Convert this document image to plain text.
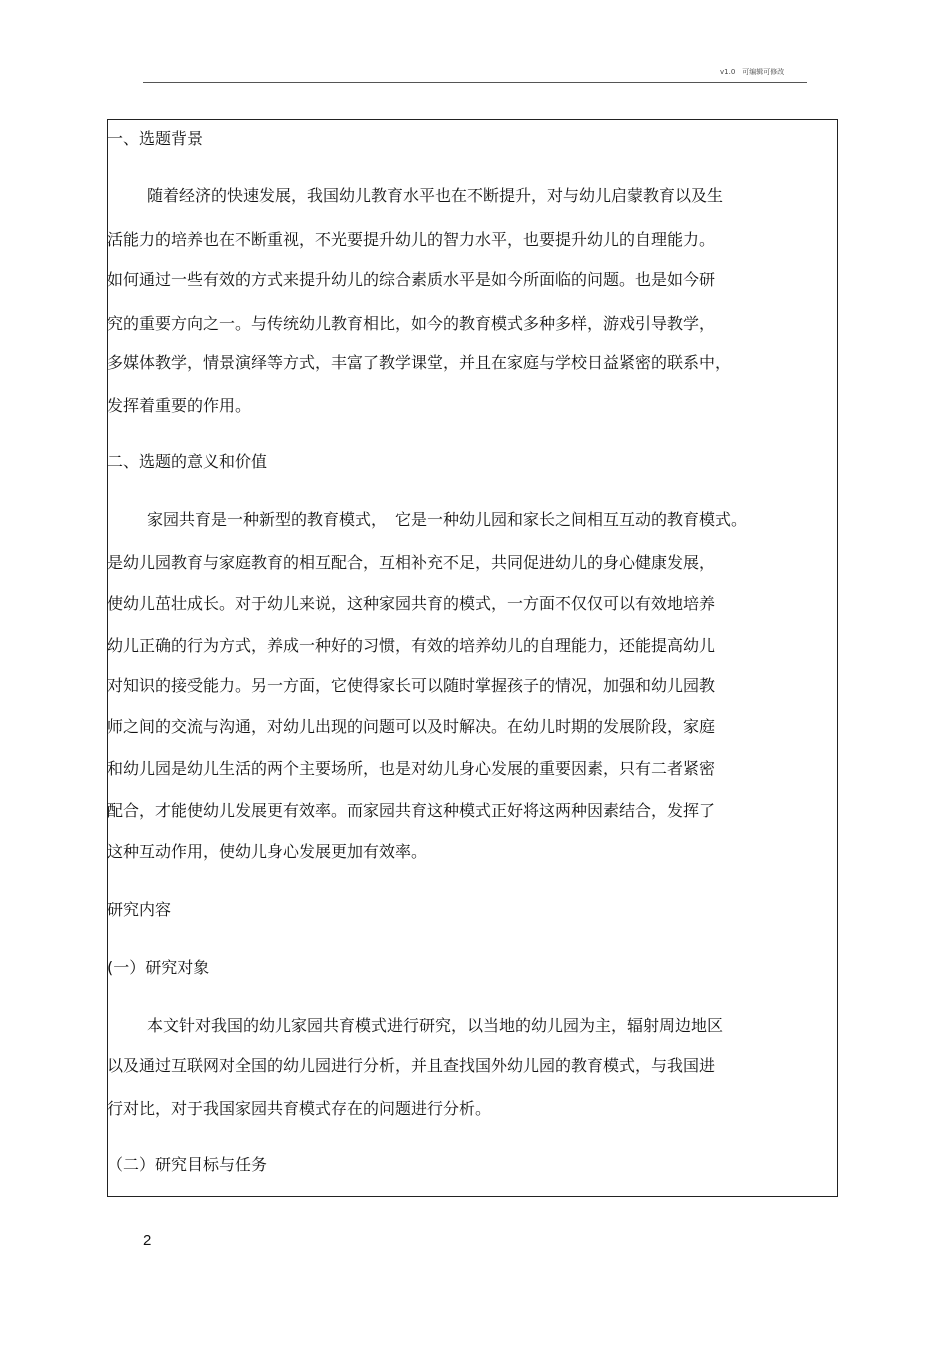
v1.0　可编辑可修改
一、选题背景
随着经济的快速发展，我国幼儿教育水平也在不断提升，对与幼儿启蒙教育以及生
活能力的培养也在不断重视，不光要提升幼儿的智力水平，也要提升幼儿的自理能力。
如何通过一些有效的方式来提升幼儿的综合素质水平是如今所面临的问题。也是如今研
究的重要方向之一。与传统幼儿教育相比，如今的教育模式多种多样，游戏引导教学，
多媒体教学，情景演绎等方式，丰富了教学课堂，并且在家庭与学校日益紧密的联系中，
发挥着重要的作用。
二、选题的意义和价值
家园共育是一种新型的教育模式，　它是一种幼儿园和家长之间相互互动的教育模式。
是幼儿园教育与家庭教育的相互配合，互相补充不足，共同促进幼儿的身心健康发展，
使幼儿茁壮成长。对于幼儿来说，这种家园共育的模式，一方面不仅仅可以有效地培养
幼儿正确的行为方式，养成一种好的习惯，有效的培养幼儿的自理能力，还能提高幼儿
对知识的接受能力。另一方面，它使得家长可以随时掌握孩子的情况，加强和幼儿园教
师之间的交流与沟通，对幼儿出现的问题可以及时解决。在幼儿时期的发展阶段，家庭
和幼儿园是幼儿生活的两个主要场所，也是对幼儿身心发展的重要因素，只有二者紧密
配合，才能使幼儿发展更有效率。而家园共育这种模式正好将这两种因素结合，发挥了
这种互动作用，使幼儿身心发展更加有效率。
研究内容
(一）研究对象
本文针对我国的幼儿家园共育模式进行研究，以当地的幼儿园为主，辐射周边地区
以及通过互联网对全国的幼儿园进行分析，并且查找国外幼儿园的教育模式，与我国进
行对比，对于我国家园共育模式存在的问题进行分析。
（二）研究目标与任务
2
